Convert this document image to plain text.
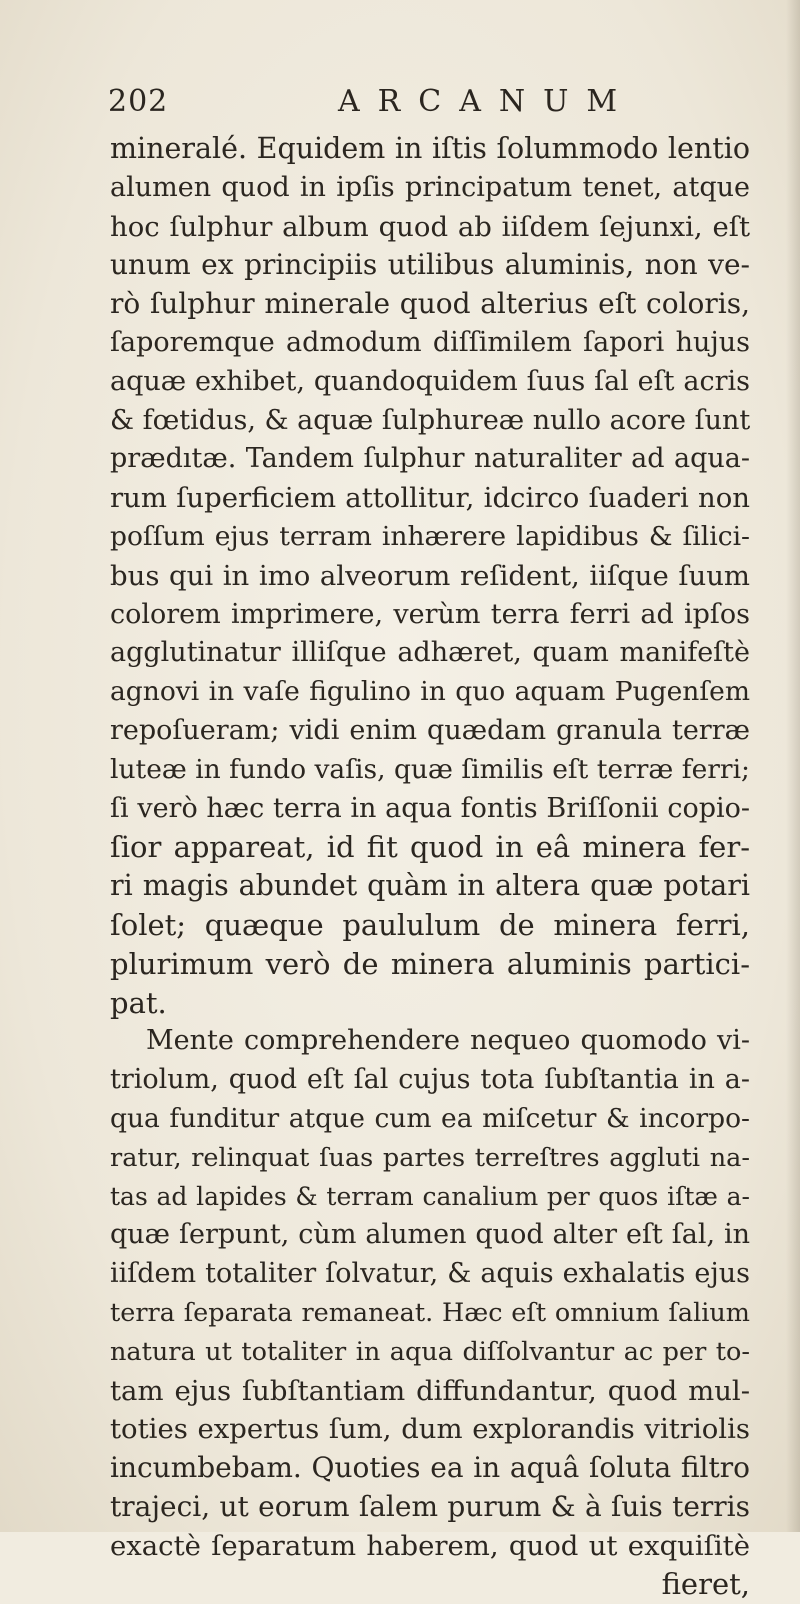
202	ARCANUM
mineralé. Equidem in iſtis ſolummodo lentio
alumen quod in ipſis principatum tenet, atque
hoc ſulphur album quod ab iiſdem ſejunxi, eſt
unum ex principiis utilibus aluminis, non ve-
rò ſulphur minerale quod alterius eſt coloris,
ſaporemque admodum diſſimilem ſapori hujus
aquæ exhibet, quandoquidem ſuus ſal eſt acris
& fœtidus, & aquæ ſulphureæ nullo acore ſunt
prædıtæ. Tandem ſulphur naturaliter ad aqua-
rum ſuperficiem attollitur, idcirco ſuaderi non
poſſum ejus terram inhærere lapidibus & ſilici-
bus qui in imo alveorum reſident, iiſque ſuum
colorem imprimere, verùm terra ferri ad ipſos
agglutinatur illiſque adhæret, quam manifeſtè
agnovi in vaſe figulino in quo aquam Pugenſem
repoſueram; vidi enim quædam granula terræ
luteæ in fundo vaſis, quæ ſimilis eſt terræ ferri;
ſi verò hæc terra in aqua fontis Briſſonii copio-
ſior appareat, id fit quod in eâ minera fer-
ri magis abundet quàm in altera quæ potari
ſolet; quæque paululum de minera ferri,
plurimum verò de minera aluminis partici-
pat.
Mente comprehendere nequeo quomodo vi-
triolum, quod eſt ſal cujus tota ſubſtantia in a-
qua funditur atque cum ea miſcetur & incorpo-
ratur, relinquat ſuas partes terreſtres aggluti na-
tas ad lapides & terram canalium per quos iſtæ a-
quæ ſerpunt, cùm alumen quod alter eſt ſal, in
iiſdem totaliter ſolvatur, & aquis exhalatis ejus
terra ſeparata remaneat. Hæc eſt omnium ſalium
natura ut totaliter in aqua diſſolvantur ac per to-
tam ejus ſubſtantiam diffundantur, quod mul-
toties expertus ſum, dum explorandis vitriolis
incumbebam. Quoties ea in aquâ ſoluta filtro
trajeci, ut eorum ſalem purum & à ſuis terris
exactè ſeparatum haberem, quod ut exquiſitè
fieret,
